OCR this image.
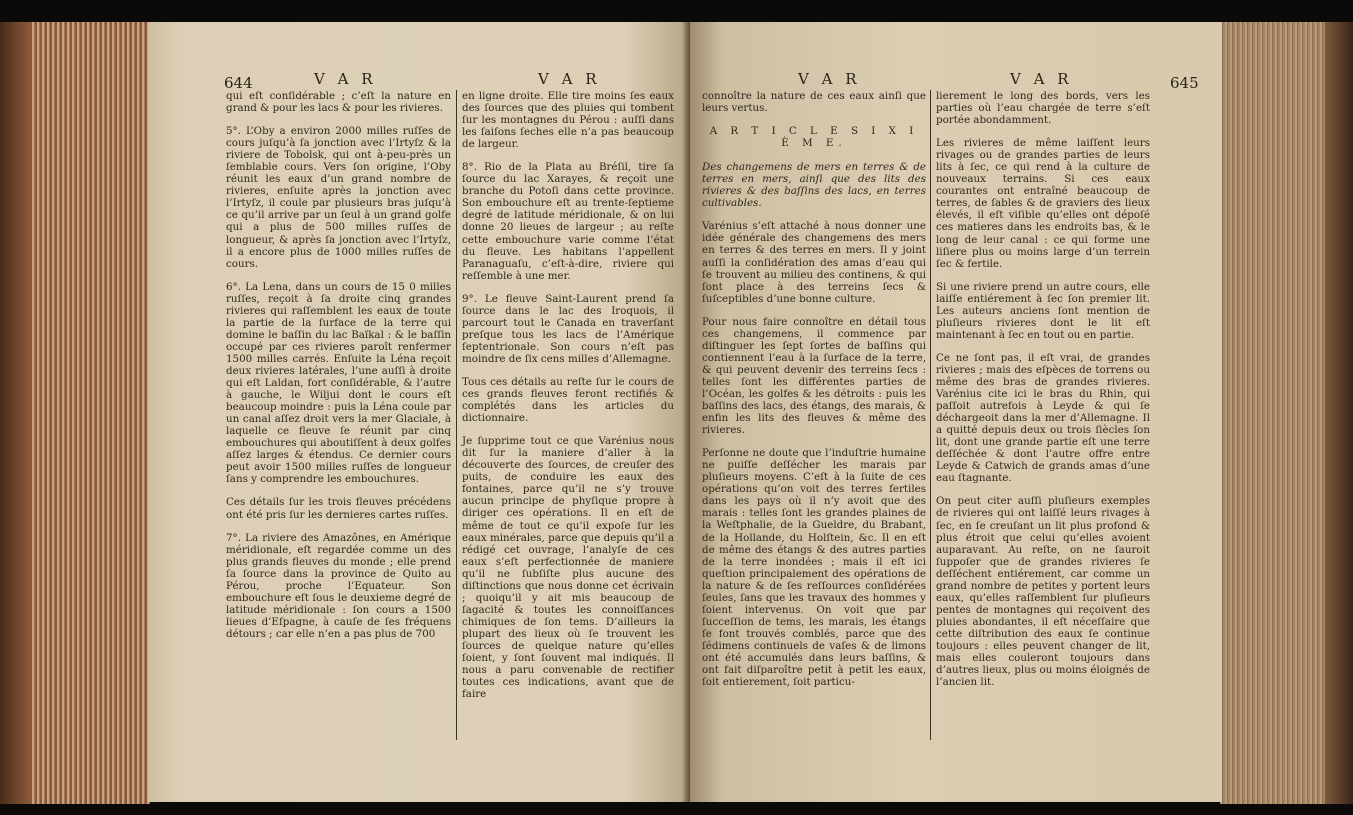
644	V A R	V A R

qui eſt conſidérable ; c’eſt la nature en grand & pour les lacs & pour les rivieres.

5°. L’Oby a environ 2000 milles ruſſes de cours juſqu’à ſa jonction avec l’Irtyſz & la riviere de Tobolsk, qui ont à-peu-près un ſemblable cours. Vers ſon origine, l’Oby réunit les eaux d’un grand nombre de rivieres, enſuite après la jonction avec l’Irtyſz, il coule par plusieurs bras juſqu’à ce qu’il arrive par un ſeul à un grand golfe qui a plus de 500 milles ruſſes de longueur, & après ſa jonction avec l’Irtyſz, il a encore plus de 1000 milles ruſſes de cours.

6°. La Lena, dans un cours de 15 0 milles ruſſes, reçoit à ſa droite cinq grandes rivieres qui raſſemblent les eaux de toute la partie de la ſurface de la terre qui domine le baſſin du lac Baïkal : & le baſſin occupé par ces rivieres paroît renfermer 1500 milles carrés. Enſuite la Léna reçoit deux rivieres latérales, l’une auſſi à droite qui eſt Laldan, fort conſidérable, & l’autre à gauche, le Wiljui dont le cours eſt beaucoup moindre : puis la Léna coule par un canal aſſez droit vers la mer Glaciale, à laquelle ce fleuve ſe réunit par cinq embouchures qui aboutiſſent à deux golfes aſſez larges & étendus. Ce dernier cours peut avoir 1500 milles ruſſes de longueur ſans y comprendre les embouchures.

Ces détails ſur les trois fleuves précédens ont été pris ſur les dernieres cartes ruſſes.

7°. La riviere des Amazônes, en Amérique méridionale, eſt regardée comme un des plus grands fleuves du monde ; elle prend ſa ſource dans la province de Quito au Pérou, proche l’Equateur. Son embouchure eſt ſous le deuxieme degré de latitude méridionale : ſon cours a 1500 lieues d’Eſpagne, à cauſe de ſes fréquens détours ; car elle n’en a pas plus de 700

en ligne droite. Elle tire moins ſes eaux des ſources que des pluies qui tombent ſur les montagnes du Pérou : auſſi dans les ſaiſons ſeches elle n’a pas beaucoup de largeur.

8°. Rio de la Plata au Bréſil, tire ſa ſource du lac Xarayes, & reçoit une branche du Potoſi dans cette province. Son embouchure eſt au trente-ſeptieme degré de latitude méridionale, & on lui donne 20 lieues de largeur ; au reſte cette embouchure varie comme l’état du fleuve. Les habitans l’appellent Paranaguaſu, c’eſt-à-dire, riviere qui reſſemble à une mer.

9°. Le fleuve Saint-Laurent prend ſa ſource dans le lac des Iroquois, il parcourt tout le Canada en traverſant preſque tous les lacs de l’Amérique ſeptentrionale. Son cours n’eſt pas moindre de ſix cens milles d’Allemagne.

Tous ces détails au reſte ſur le cours de ces grands fleuves feront rectifiés & complétés dans les articles du dictionnaire.

Je ſupprime tout ce que Varénius nous dit ſur la maniere d’aller à la découverte des ſources, de creuſer des puits, de conduire les eaux des fontaines, parce qu’il ne s’y trouve aucun principe de phyſique propre à diriger ces opérations. Il en eſt de même de tout ce qu’il expoſe ſur les eaux minérales, parce que depuis qu’il a rédigé cet ouvrage, l’analyſe de ces eaux s’eſt perfectionnée de maniere qu’il ne ſubſiſte plus aucune des diſtinctions que nous donne cet écrivain ; quoiqu’il y ait mis beaucoup de ſagacité & toutes les connoiſſances chimiques de ſon tems. D’ailleurs la plupart des lieux où ſe trouvent les ſources de quelque nature qu’elles ſoient, y ſont ſouvent mal indiqués. Il nous a paru convenable de rectifier toutes ces indications, avant que de faire

V A R	V A R	645

connoître la nature de ces eaux ainſi que leurs vertus.

A R T I C L E S I X I È M E.

Des changemens de mers en terres & de terres en mers, ainſi que des lits des rivieres & des baſſins des lacs, en terres cultivables.

Varénius s’eſt attaché à nous donner une idée générale des changemens des mers en terres & des terres en mers. Il y joint auſſi la conſidération des amas d’eau qui ſe trouvent au milieu des continens, & qui ſont place à des terreins ſecs & ſuſceptibles d’une bonne culture.

Pour nous faire connoître en détail tous ces changemens, il commence par diſtinguer les ſept ſortes de baſſins qui contiennent l’eau à la ſurface de la terre, & qui peuvent devenir des terreins ſecs : telles ſont les différentes parties de l’Océan, les golfes & les détroits : puis les baſſins des lacs, des étangs, des marais, & enfin les lits des fleuves & même des rivieres.

Perſonne ne doute que l’induſtrie humaine ne puiſſe deſſécher les marais par pluſieurs moyens. C’eſt à la ſuite de ces opérations qu’on voit des terres fertiles dans les pays où il n’y avoit que des marais : telles ſont les grandes plaines de la Weſtphalie, de la Gueldre, du Brabant, de la Hollande, du Holſtein, &c. Il en eſt de même des étangs & des autres parties de la terre inondées ; mais il eſt ici queſtion principalement des opérations de la nature & de ſes reſſources conſidérées ſeules, ſans que les travaux des hommes y ſoient intervenus. On voit que par ſucceſſion de tems, les marais, les étangs ſe font trouvés comblés, parce que des ſédimens continuels de vaſes & de limons ont été accumulés dans leurs baſſins, & ont fait diſparoître petit à petit les eaux, ſoit entierement, ſoit particu-

lierement le long des bords, vers les parties où l’eau chargée de terre s’eſt portée abondamment.

Les rivieres de même laiſſent leurs rivages ou de grandes parties de leurs lits à ſec, ce qui rend à la culture de nouveaux terrains. Si ces eaux courantes ont entraîné beaucoup de terres, de ſables & de graviers des lieux élevés, il eſt viſible qu’elles ont dépoſé ces matieres dans les endroits bas, & le long de leur canal : ce qui forme une liſiere plus ou moins large d’un terrein ſec & fertile.

Si une riviere prend un autre cours, elle laiſſe entiérement à ſec ſon premier lit. Les auteurs anciens ſont mention de pluſieurs rivieres dont le lit eſt maintenant à ſec en tout ou en partie.

Ce ne ſont pas, il eſt vrai, de grandes rivieres ; mais des eſpèces de torrens ou même des bras de grandes rivieres. Varénius cite ici le bras du Rhin, qui paſſoit autrefois à Leyde & qui ſe déchargeoit dans la mer d’Allemagne. Il a quitté depuis deux ou trois ſiècles ſon lit, dont une grande partie eſt une terre deſſéchée & dont l’autre offre entre Leyde & Catwich de grands amas d’une eau ſtagnante.

On peut citer auſſi pluſieurs exemples de rivieres qui ont laiſſé leurs rivages à ſec, en ſe creuſant un lit plus profond & plus étroit que celui qu’elles avoient auparavant. Au reſte, on ne ſauroit ſuppoſer que de grandes rivieres ſe deſſéchent entiérement, car comme un grand nombre de petites y portent leurs eaux, qu’elles raſſemblent ſur pluſieurs pentes de montagnes qui reçoivent des pluies abondantes, il eſt néceſſaire que cette diſtribution des eaux ſe continue toujours : elles peuvent changer de lit, mais elles couleront toujours dans d’autres lieux, plus ou moins éloignés de l’ancien lit.
